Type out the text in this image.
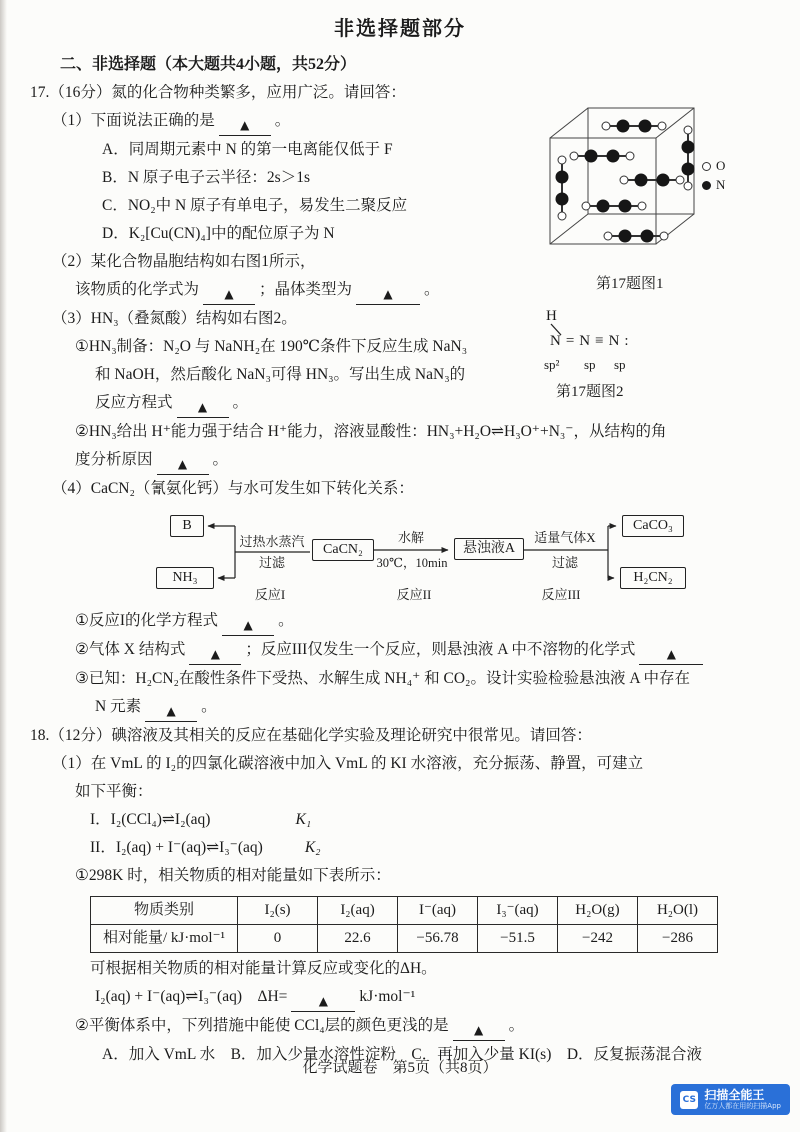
非选择题部分
O
N
第17题图1
H
N=N≡N:
sp² sp sp
第17题图2
二、非选择题（本大题共4小题，共52分）
17.（16分）氮的化合物种类繁多，应用广泛。请回答：
（1）下面说法正确的是 ▲ 。
A．同周期元素中 N 的第一电离能仅低于 F
B．N 原子电子云半径：2s＞1s
C．NO₂中 N 原子有单电子，易发生二聚反应
D．K₂[Cu(CN)₄]中的配位原子为 N
（2）某化合物晶胞结构如右图1所示，
该物质的化学式为 ▲ ；晶体类型为	▲ 。
（3）HN₃（叠氮酸）结构如右图2。
①HN₃制备：N₂O 与 NaNH₂在 190℃条件下反应生成 NaN₃
和 NaOH，然后酸化 NaN₃可得 HN₃。写出生成 NaN₃的
反应方程式 ▲ 。
②HN₃给出 H⁺能力强于结合 H⁺能力，溶液显酸性：HN₃+H₂O⇌H₃O⁺+N₃⁻，从结构的角
度分析原因 ▲ 。
（4）CaCN₂（氰氨化钙）与水可发生如下转化关系：
B
NH₃
CaCN₂	悬浊液A
CaCO₃
H₂CN₂
过热水蒸汽
过滤
水解
30℃，10min
适量气体X
过滤
反应I	反应II	反应III
①反应I的化学方程式 ▲ 。
②气体 X 结构式 ▲ ；反应III仅发生一个反应，则悬浊液 A 中不溶物的化学式	▲
③已知：H₂CN₂在酸性条件下受热、水解生成 NH₄⁺ 和 CO₂。设计实验检验悬浊液 A 中存在
N 元素 ▲ 。
18.（12分）碘溶液及其相关的反应在基础化学实验及理论研究中很常见。请回答：
（1）在 VmL 的 I₂的四氯化碳溶液中加入 VmL 的 KI 水溶液，充分振荡、静置，可建立
如下平衡：
I．I₂(CCl₄)⇌I₂(aq)	K₁
II．I₂(aq) + I⁻(aq)⇌I₃⁻(aq)	K₂
①298K 时，相关物质的相对能量如下表所示：
物质类别	I₂(s)	I₂(aq)	I⁻(aq)	I₃⁻(aq)	H₂O(g)	H₂O(l)
相对能量/ kJ·mol⁻¹	0	22.6	−56.78	−51.5	−242	−286
可根据相关物质的相对能量计算反应或变化的ΔH。
I₂(aq) + I⁻(aq)⇌I₃⁻(aq)　ΔH=	▲ kJ·mol⁻¹
②平衡体系中，下列措施中能使 CCl₄层的颜色更浅的是 ▲ 。
A．加入 VmL 水　B．加入少量水溶性淀粉　C．再加入少量 KI(s)　D．反复振荡混合液
化学试题卷　第5页（共8页）
CS 扫描全能王
亿万人都在用的扫描App
